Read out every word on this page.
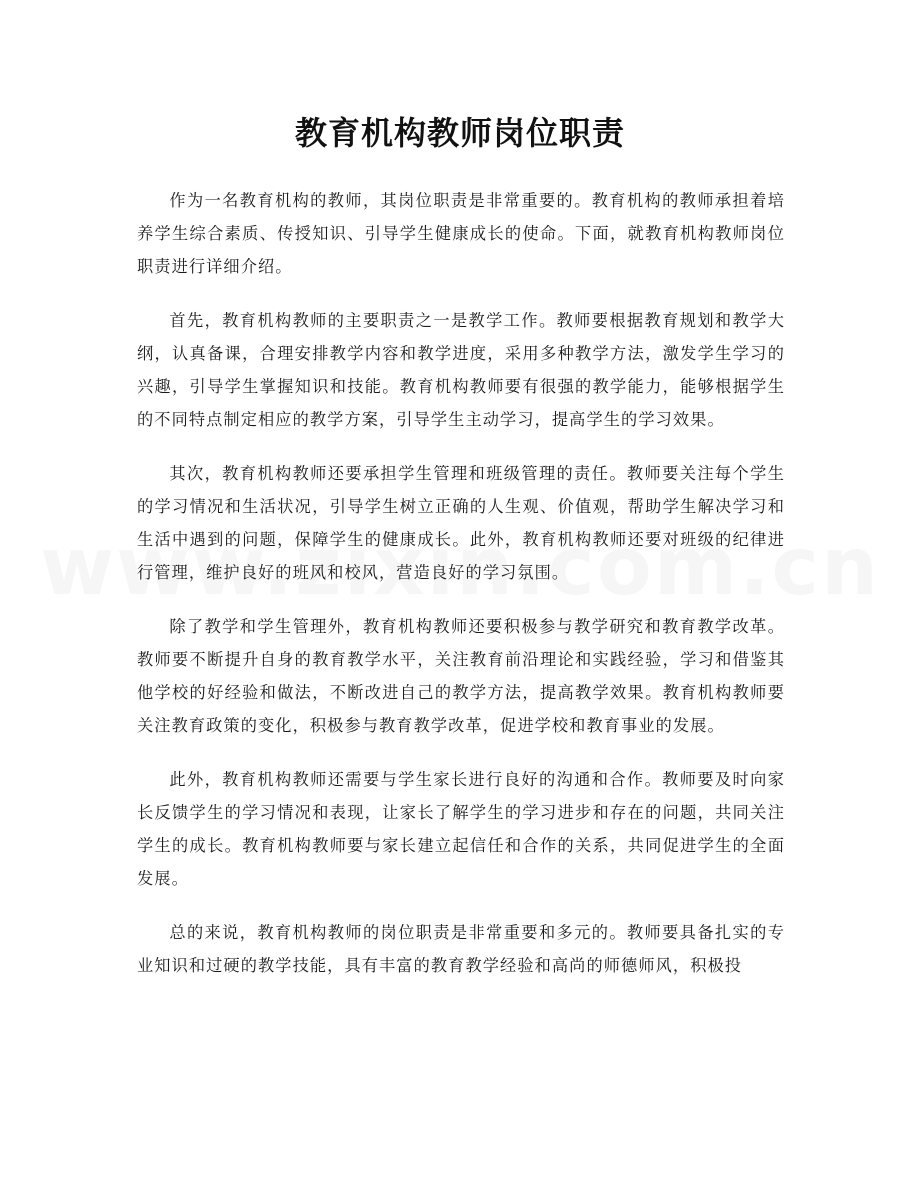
教育机构教师岗位职责

作为一名教育机构的教师，其岗位职责是非常重要的。教育机构的教师承担着培养学生综合素质、传授知识、引导学生健康成长的使命。下面，就教育机构教师岗位职责进行详细介绍。

首先，教育机构教师的主要职责之一是教学工作。教师要根据教育规划和教学大纲，认真备课，合理安排教学内容和教学进度，采用多种教学方法，激发学生学习的兴趣，引导学生掌握知识和技能。教育机构教师要有很强的教学能力，能够根据学生的不同特点制定相应的教学方案，引导学生主动学习，提高学生的学习效果。

其次，教育机构教师还要承担学生管理和班级管理的责任。教师要关注每个学生的学习情况和生活状况，引导学生树立正确的人生观、价值观，帮助学生解决学习和生活中遇到的问题，保障学生的健康成长。此外，教育机构教师还要对班级的纪律进行管理，维护良好的班风和校风，营造良好的学习氛围。

除了教学和学生管理外，教育机构教师还要积极参与教学研究和教育教学改革。教师要不断提升自身的教育教学水平，关注教育前沿理论和实践经验，学习和借鉴其他学校的好经验和做法，不断改进自己的教学方法，提高教学效果。教育机构教师要关注教育政策的变化，积极参与教育教学改革，促进学校和教育事业的发展。

此外，教育机构教师还需要与学生家长进行良好的沟通和合作。教师要及时向家长反馈学生的学习情况和表现，让家长了解学生的学习进步和存在的问题，共同关注学生的成长。教育机构教师要与家长建立起信任和合作的关系，共同促进学生的全面发展。

总的来说，教育机构教师的岗位职责是非常重要和多元的。教师要具备扎实的专业知识和过硬的教学技能，具有丰富的教育教学经验和高尚的师德师风，积极投
